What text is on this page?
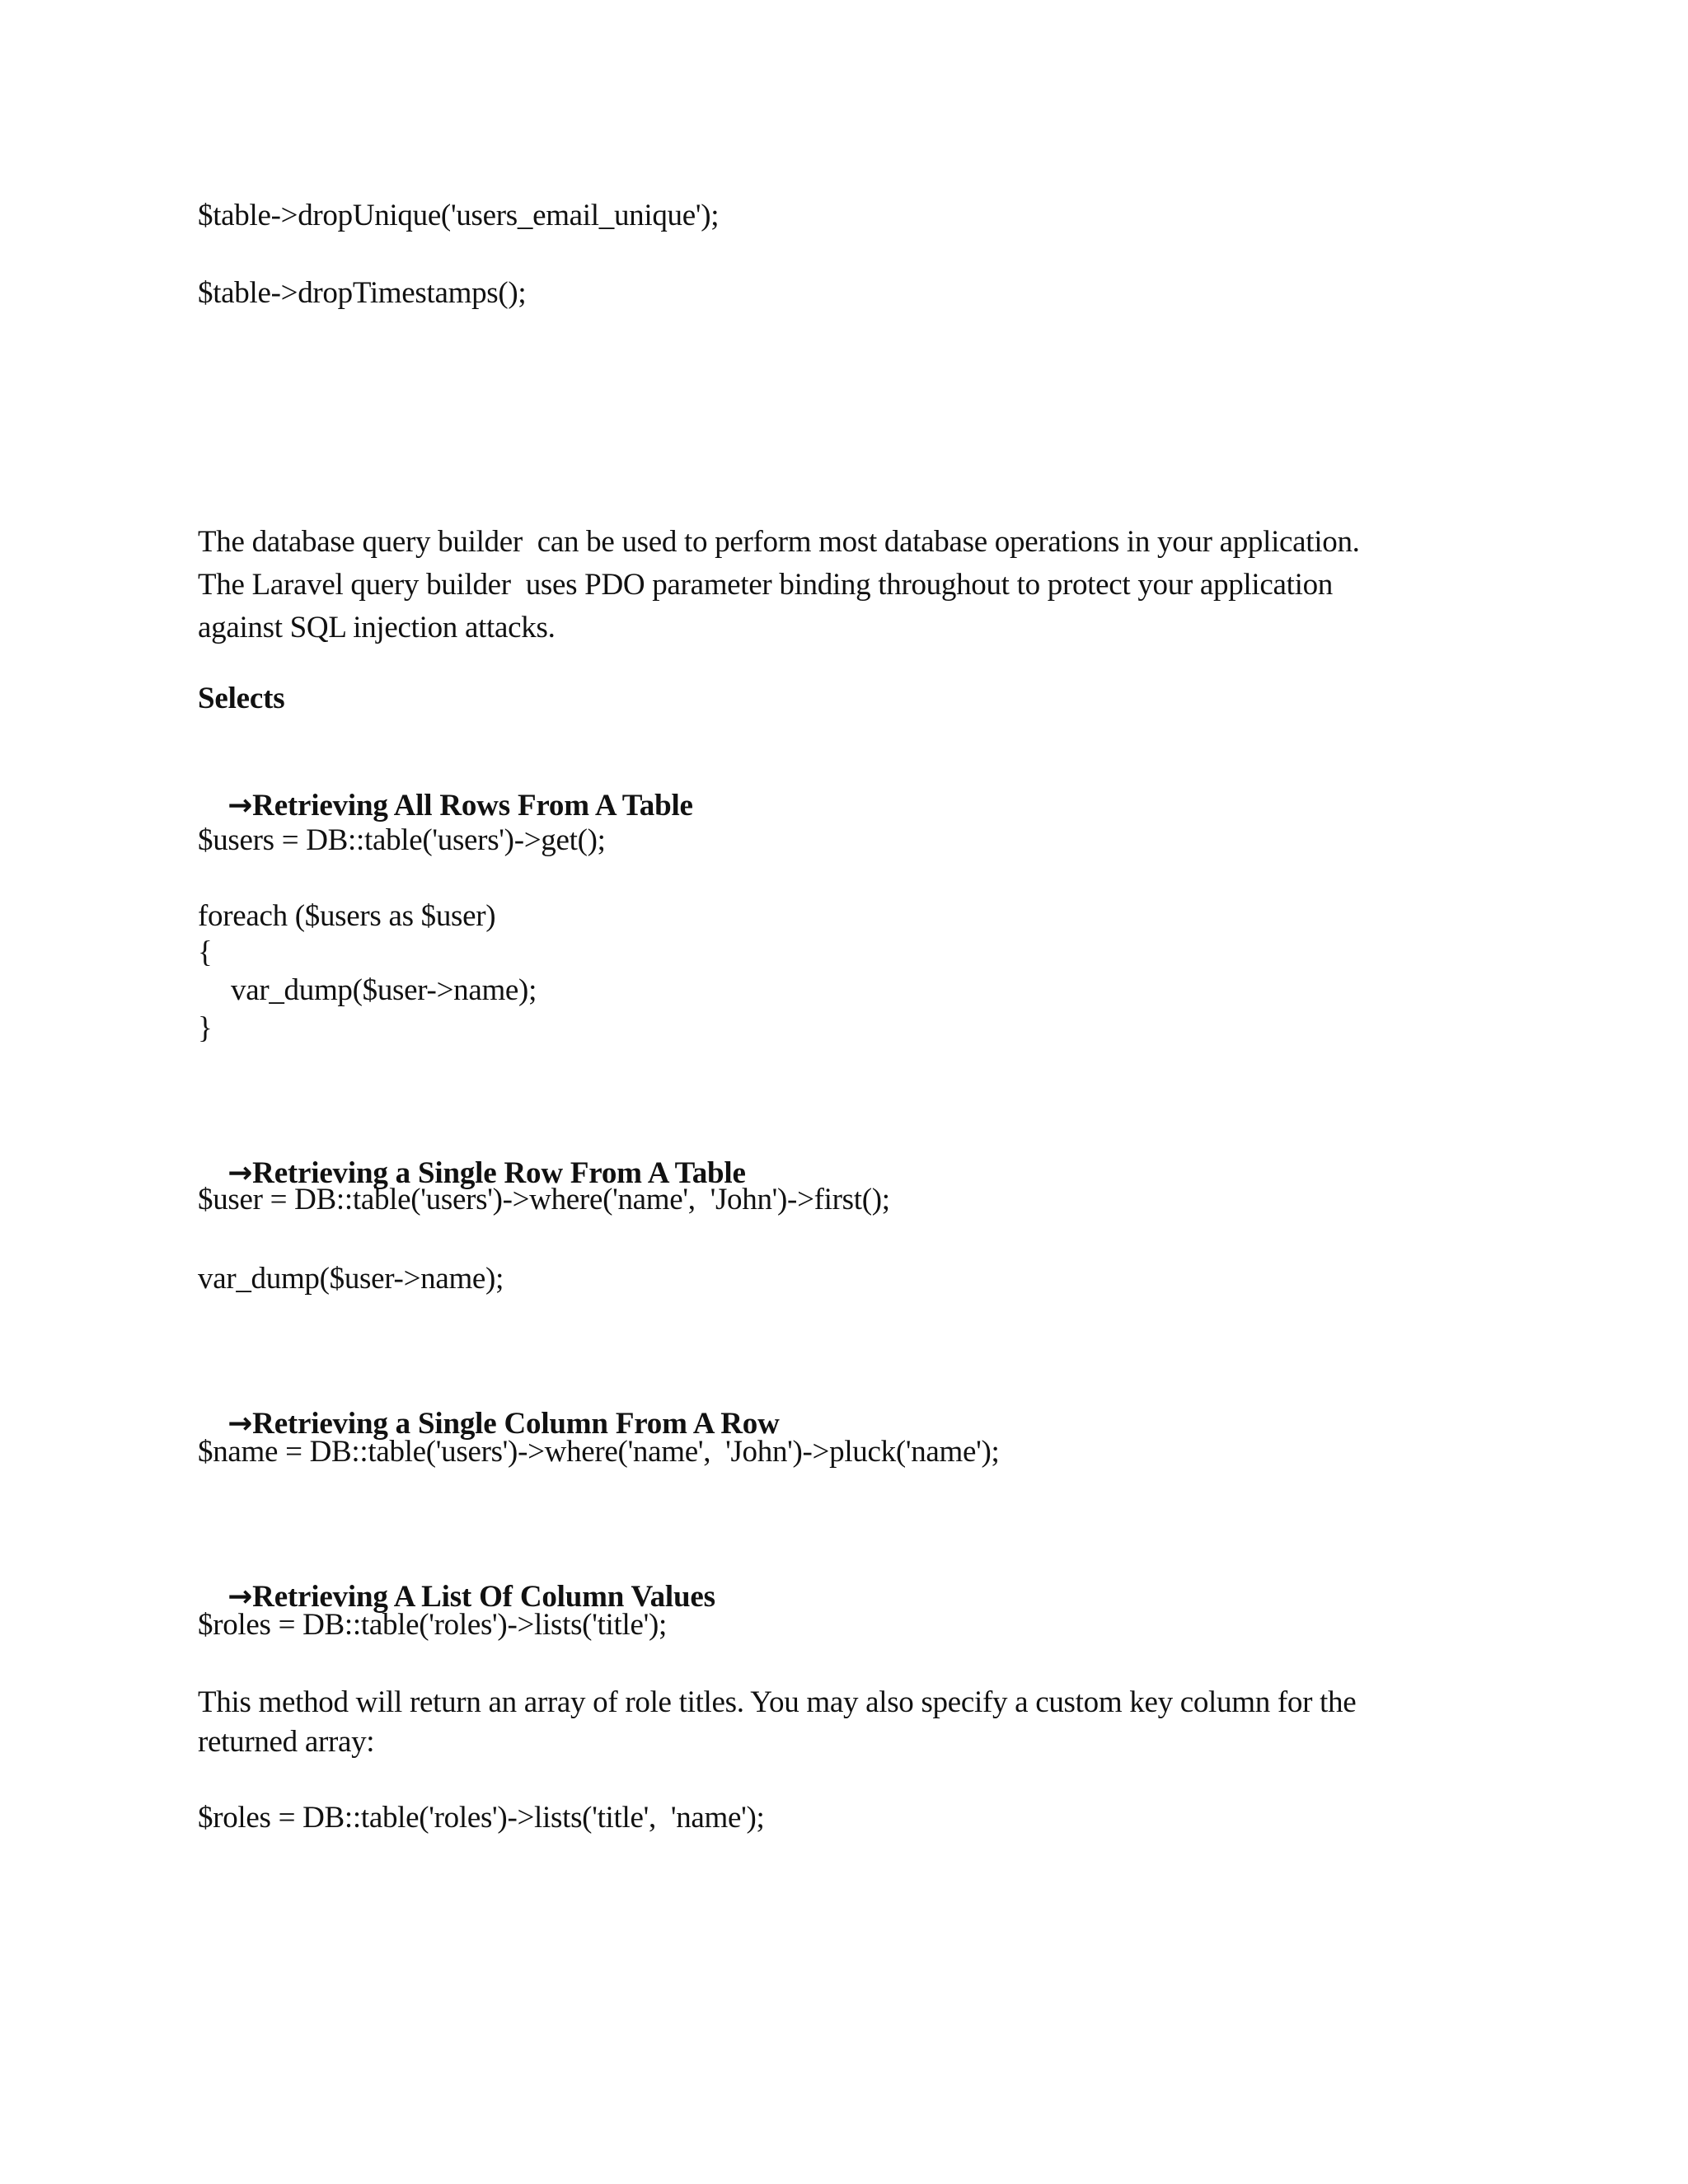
$table->dropUnique('users_email_unique');
$table->dropTimestamps();
The database query builder  can be used to perform most database operations in your application.
The Laravel query builder  uses PDO parameter binding throughout to protect your application
against SQL injection attacks.
Selects

→Retrieving All Rows From A Table

$users = DB::table('users')->get();
foreach ($users as $user)
{
var_dump($user->name);
}

→Retrieving a Single Row From A Table

$user = DB::table('users')->where('name',  'John')->first();
var_dump($user->name);

→Retrieving a Single Column From A Row

$name = DB::table('users')->where('name',  'John')->pluck('name');

→Retrieving A List Of Column Values

$roles = DB::table('roles')->lists('title');
This method will return an array of role titles. You may also specify a custom key column for the
returned array:
$roles = DB::table('roles')->lists('title',  'name');
